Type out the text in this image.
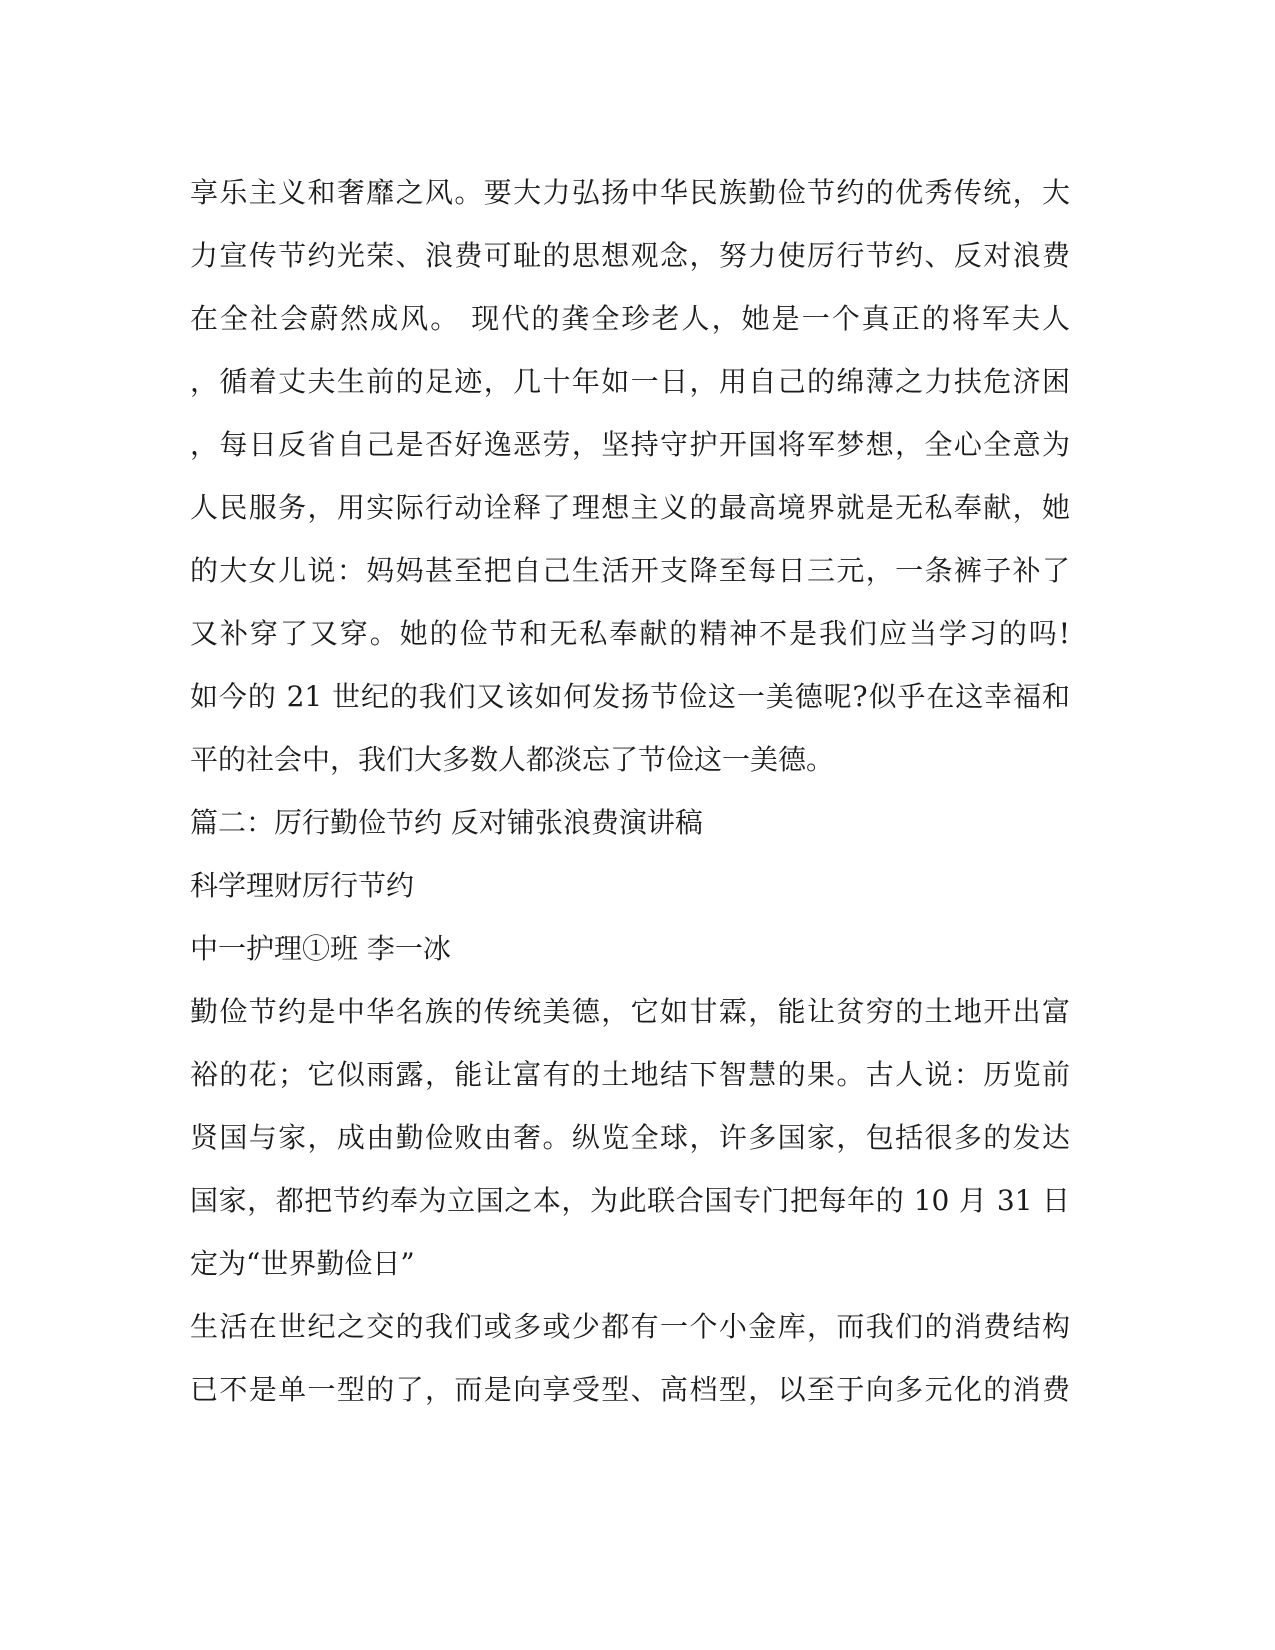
享乐主义和奢靡之风。要大力弘扬中华民族勤俭节约的优秀传统，大
力宣传节约光荣、浪费可耻的思想观念，努力使厉行节约、反对浪费
在全社会蔚然成风。 现代的龚全珍老人，她是一个真正的将军夫人
，循着丈夫生前的足迹，几十年如一日，用自己的绵薄之力扶危济困
，每日反省自己是否好逸恶劳，坚持守护开国将军梦想，全心全意为
人民服务，用实际行动诠释了理想主义的最高境界就是无私奉献，她
的大女儿说：妈妈甚至把自己生活开支降至每日三元，一条裤子补了
又补穿了又穿。她的俭节和无私奉献的精神不是我们应当学习的吗!
如今的 21 世纪的我们又该如何发扬节俭这一美德呢?似乎在这幸福和
平的社会中，我们大多数人都淡忘了节俭这一美德。
篇二：厉行勤俭节约 反对铺张浪费演讲稿
科学理财厉行节约
中一护理①班 李一冰
勤俭节约是中华名族的传统美德，它如甘霖，能让贫穷的土地开出富
裕的花；它似雨露，能让富有的土地结下智慧的果。古人说：历览前
贤国与家，成由勤俭败由奢。纵览全球，许多国家，包括很多的发达
国家，都把节约奉为立国之本，为此联合国专门把每年的 10 月 31 日
定为“世界勤俭日”
生活在世纪之交的我们或多或少都有一个小金库，而我们的消费结构
已不是单一型的了，而是向享受型、高档型，以至于向多元化的消费
